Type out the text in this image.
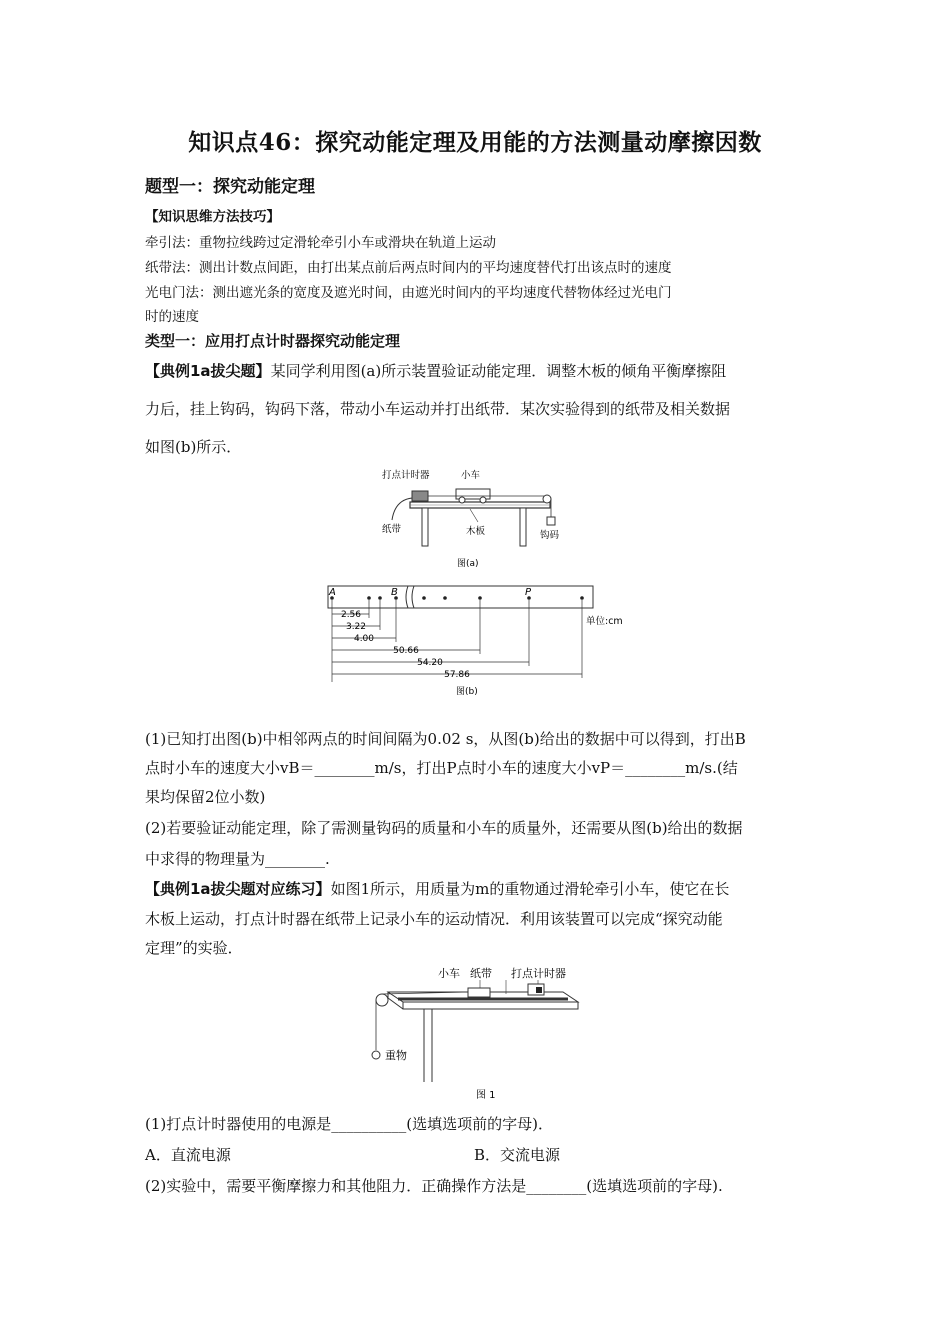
知识点46：探究动能定理及用能的方法测量动摩擦因数
题型一：探究动能定理
【知识思维方法技巧】
牵引法：重物拉线跨过定滑轮牵引小车或滑块在轨道上运动
纸带法：测出计数点间距，由打出某点前后两点时间内的平均速度替代打出该点时的速度
光电门法：测出遮光条的宽度及遮光时间，由遮光时间内的平均速度代替物体经过光电门
时的速度
类型一：应用打点计时器探究动能定理
【典例1a拔尖题】某同学利用图(a)所示装置验证动能定理．调整木板的倾角平衡摩擦阻
力后，挂上钩码，钩码下落，带动小车运动并打出纸带．某次实验得到的纸带及相关数据
如图(b)所示．
打点计时器	小车
纸带	木板	钩码
图(a)
A	B	P
2.56
3.22
4.00
50.66
54.20
57.86
单位:cm
图(b)
(1)已知打出图(b)中相邻两点的时间间隔为0.02 s，从图(b)给出的数据中可以得到，打出B
点时小车的速度大小vB＝________m/s，打出P点时小车的速度大小vP＝________m/s.(结
果均保留2位小数)
(2)若要验证动能定理，除了需测量钩码的质量和小车的质量外，还需要从图(b)给出的数据
中求得的物理量为________.
【典例1a拔尖题对应练习】如图1所示，用质量为m的重物通过滑轮牵引小车，使它在长
木板上运动，打点计时器在纸带上记录小车的运动情况．利用该装置可以完成“探究动能
定理”的实验．
小车 纸带 打点计时器
重物
图 1
(1)打点计时器使用的电源是__________(选填选项前的字母)．
A．直流电源	B．交流电源
(2)实验中，需要平衡摩擦力和其他阻力．正确操作方法是________(选填选项前的字母).
